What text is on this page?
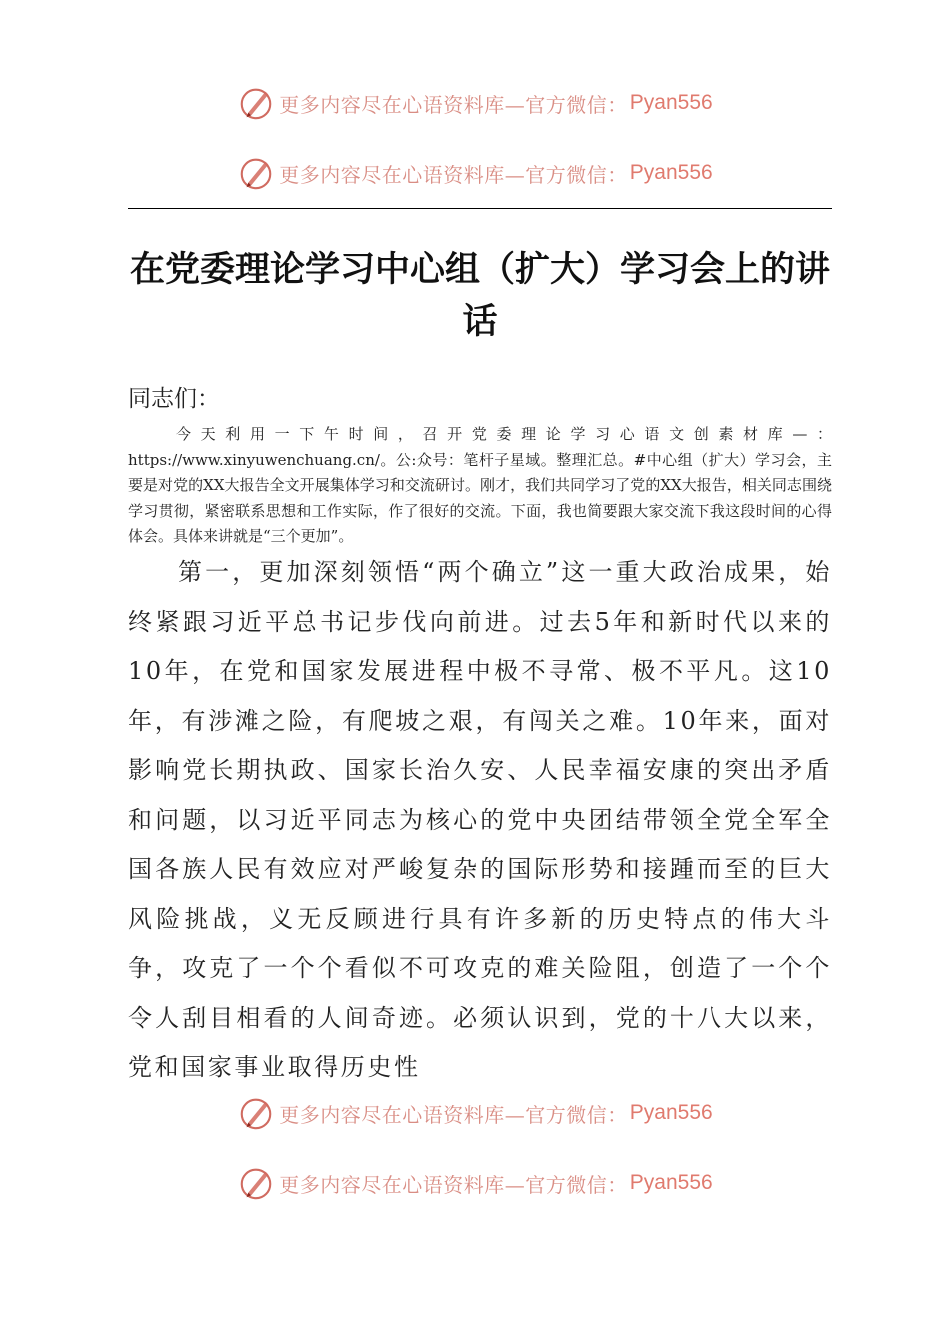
更多内容尽在心语资料库—官方微信： Pyan556
更多内容尽在心语资料库—官方微信： Pyan556
在党委理论学习中心组（扩大）学习会上的讲话
同志们：
今天利用一下午时间，召开党委理论学习心语文创素材库—：https://www.xinyuwenchuang.cn/。公:众号：笔杆子星域。整理汇总。#中心组（扩大）学习会，主要是对党的XX大报告全文开展集体学习和交流研讨。刚才，我们共同学习了党的XX大报告，相关同志围绕学习贯彻，紧密联系思想和工作实际，作了很好的交流。下面，我也简要跟大家交流下我这段时间的心得体会。具体来讲就是“三个更加”。
第一，更加深刻领悟“两个确立”这一重大政治成果，始终紧跟习近平总书记步伐向前进。过去5年和新时代以来的10年，在党和国家发展进程中极不寻常、极不平凡。这10年，有涉滩之险，有爬坡之艰，有闯关之难。10年来，面对影响党长期执政、国家长治久安、人民幸福安康的突出矛盾和问题，以习近平同志为核心的党中央团结带领全党全军全国各族人民有效应对严峻复杂的国际形势和接踵而至的巨大风险挑战，义无反顾进行具有许多新的历史特点的伟大斗争，攻克了一个个看似不可攻克的难关险阻，创造了一个个令人刮目相看的人间奇迹。必须认识到，党的十八大以来，党和国家事业取得历史性
更多内容尽在心语资料库—官方微信： Pyan556
更多内容尽在心语资料库—官方微信： Pyan556
